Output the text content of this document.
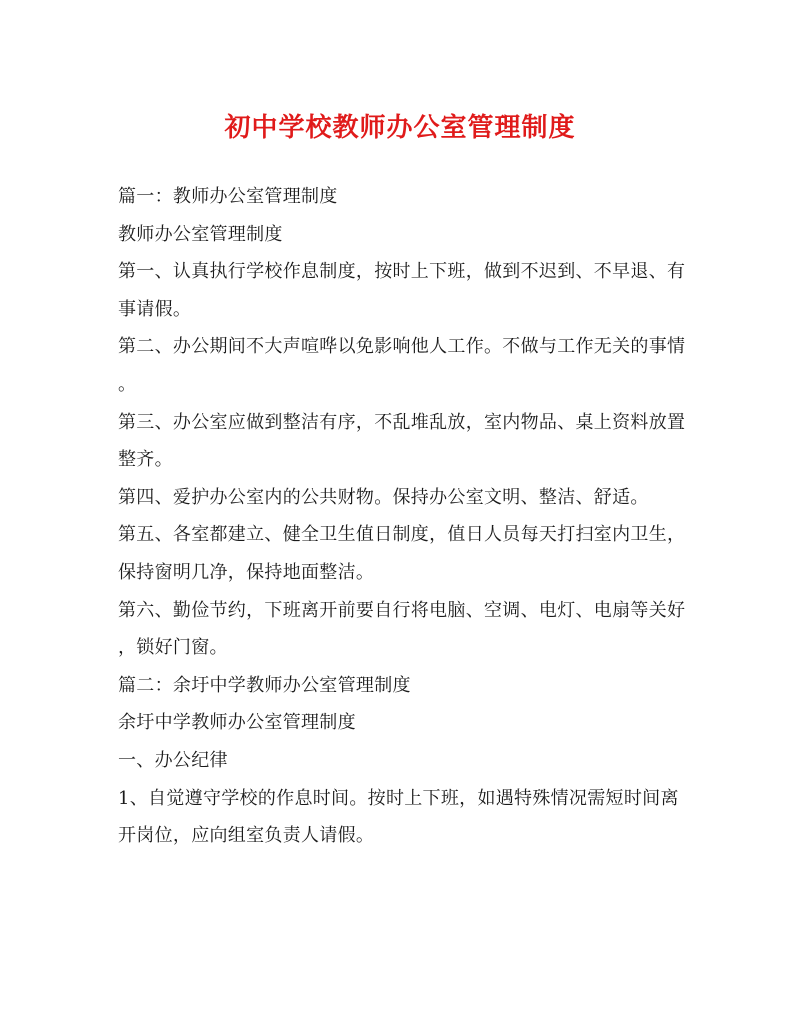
初中学校教师办公室管理制度
篇一：教师办公室管理制度
教师办公室管理制度
第一、认真执行学校作息制度，按时上下班，做到不迟到、不早退、有
事请假。
第二、办公期间不大声喧哗以免影响他人工作。不做与工作无关的事情
。
第三、办公室应做到整洁有序，不乱堆乱放，室内物品、桌上资料放置
整齐。
第四、爱护办公室内的公共财物。保持办公室文明、整洁、舒适。
第五、各室都建立、健全卫生值日制度，值日人员每天打扫室内卫生，
保持窗明几净，保持地面整洁。
第六、勤俭节约，下班离开前要自行将电脑、空调、电灯、电扇等关好
，锁好门窗。
篇二：余圩中学教师办公室管理制度
余圩中学教师办公室管理制度
一、办公纪律
1、自觉遵守学校的作息时间。按时上下班，如遇特殊情况需短时间离
开岗位，应向组室负责人请假。
